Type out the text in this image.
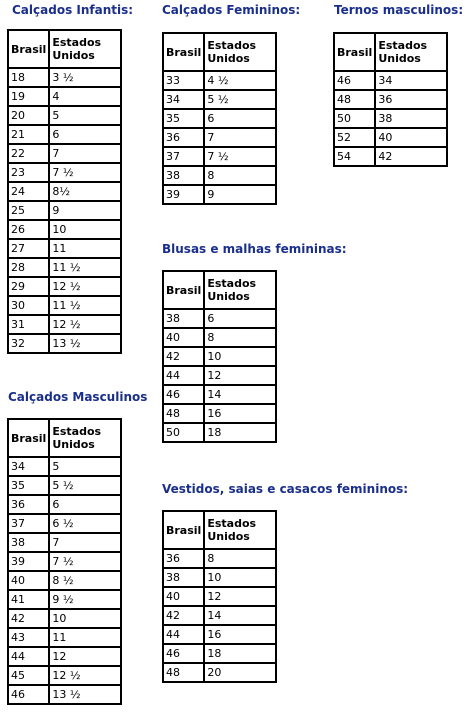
Calçados Infantis:
Brasil	Estados Unidos
18	3 ½
19	4
20	5
21	6
22	7
23	7 ½
24	8½
25	9
26	10
27	11
28	11 ½
29	12 ½
30	11 ½
31	12 ½
32	13 ½
Calçados Masculinos
Brasil	Estados Unidos
34	5
35	5 ½
36	6
37	6 ½
38	7
39	7 ½
40	8 ½
41	9 ½
42	10
43	11
44	12
45	12 ½
46	13 ½
Calçados Femininos:
Brasil	Estados Unidos
33	4 ½
34	5 ½
35	6
36	7
37	7 ½
38	8
39	9
Blusas e malhas femininas:
Brasil	Estados Unidos
38	6
40	8
42	10
44	12
46	14
48	16
50	18
Vestidos, saias e casacos femininos:
Brasil	Estados Unidos
36	8
38	10
40	12
42	14
44	16
46	18
48	20
Ternos masculinos:
Brasil	Estados Unidos
46	34
48	36
50	38
52	40
54	42
